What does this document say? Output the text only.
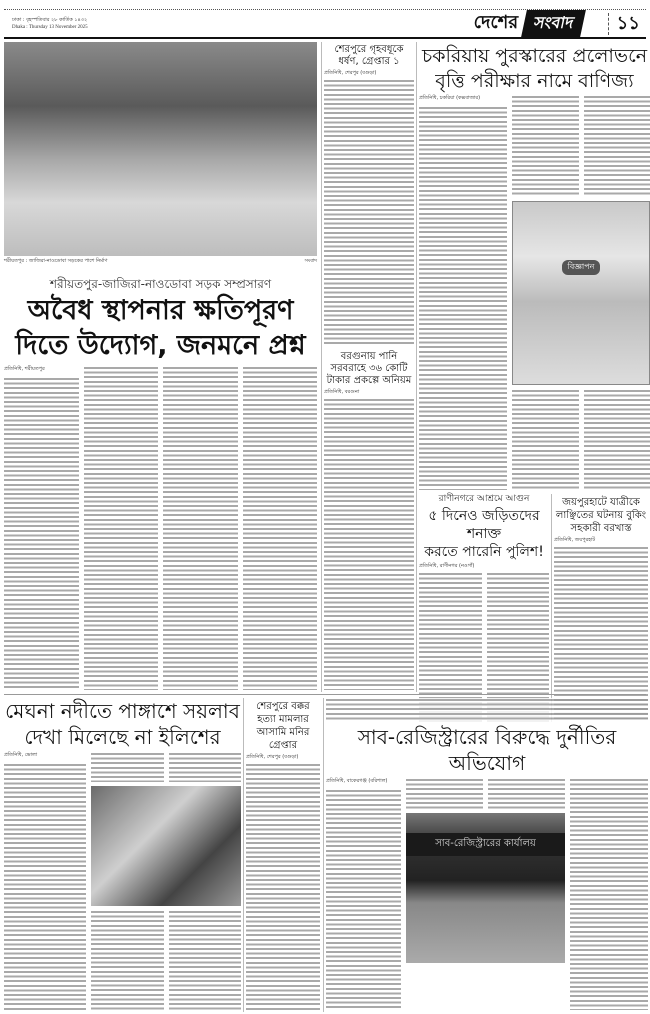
ঢাকা : বৃহস্পতিবার ২৮ কার্তিক ১৪৩২
Dhaka : Thursday 13 November 2025	দেশের সংবাদ	১১
শরীয়তপুর : জাজিরা-নাওডোবা সড়কের পাশে নির্মাণ	সংবাদ
শরীয়তপুর-জাজিরা-নাওডোবা সড়ক সম্প্রসারণ
অবৈধ স্থাপনার ক্ষতিপূরণ
দিতে উদ্যোগ, জনমনে প্রশ্ন
প্রতিনিধি, শরীয়তপুর
শেরপুরে গৃহবধূকে ধর্ষণ, গ্রেপ্তার ১
প্রতিনিধি, শেরপুর (বগুড়া)
বরগুনায় পানি সরবরাহে ৩৬ কোটি টাকার প্রকল্পে অনিয়ম
প্রতিনিধি, বরগুনা
চকরিয়ায় পুরস্কারের প্রলোভনে
বৃত্তি পরীক্ষার নামে বাণিজ্য
প্রতিনিধি, চকরিয়া (কক্সবাজার)
বিজ্ঞাপন
রাণীনগরে আশ্রমে আগুন
৫ দিনেও জড়িতদের শনাক্ত
করতে পারেনি পুলিশ!
প্রতিনিধি, রাণীনগর (নওগাঁ)
জয়পুরহাটে যাত্রীকে লাঞ্ছিতের ঘটনায় বুকিং সহকারী বরখাস্ত
প্রতিনিধি, জয়পুরহাট
মেঘনা নদীতে পাঙ্গাশে সয়লাব
দেখা মিলেছে না ইলিশের
প্রতিনিধি, ভোলা
শেরপুরে বক্কর হত্যা মামলার আসামি মনির গ্রেপ্তার
প্রতিনিধি, শেরপুর (বগুড়া)
সাব-রেজিস্ট্রারের বিরুদ্ধে দুর্নীতির অভিযোগ
প্রতিনিধি, বাকেরগঞ্জ (বরিশাল)
সাব-রেজিস্ট্রারের কার্যালয়
